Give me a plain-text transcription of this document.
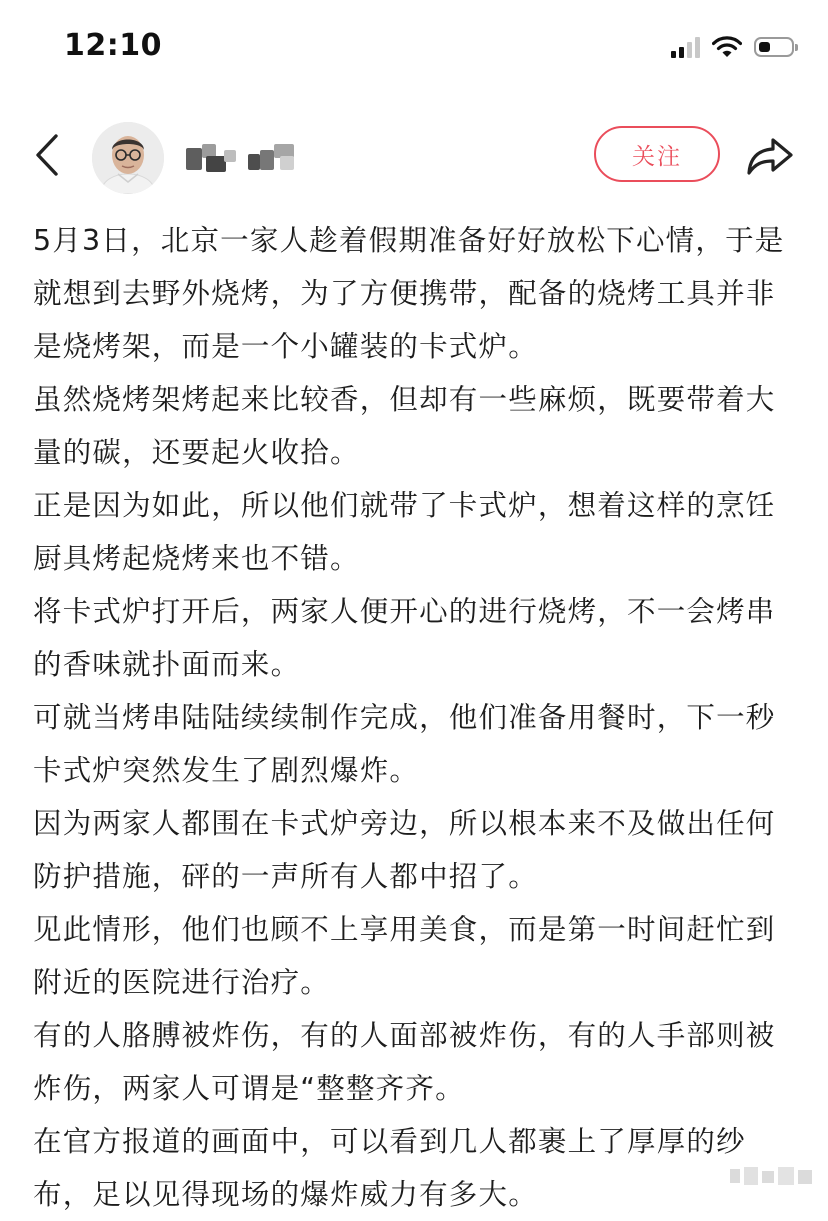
12:10
关注

5月3日，北京一家人趁着假期准备好好放松下心情，于是就想到去野外烧烤，为了方便携带，配备的烧烤工具并非是烧烤架，而是一个小罐装的卡式炉。

虽然烧烤架烤起来比较香，但却有一些麻烦，既要带着大量的碳，还要起火收拾。

正是因为如此，所以他们就带了卡式炉，想着这样的烹饪厨具烤起烧烤来也不错。

将卡式炉打开后，两家人便开心的进行烧烤，不一会烤串的香味就扑面而来。

可就当烤串陆陆续续制作完成，他们准备用餐时，下一秒卡式炉突然发生了剧烈爆炸。

因为两家人都围在卡式炉旁边，所以根本来不及做出任何防护措施，砰的一声所有人都中招了。

见此情形，他们也顾不上享用美食，而是第一时间赶忙到附近的医院进行治疗。

有的人胳膊被炸伤，有的人面部被炸伤，有的人手部则被炸伤，两家人可谓是“整整齐齐。

在官方报道的画面中，可以看到几人都裹上了厚厚的纱布，足以见得现场的爆炸威力有多大。
